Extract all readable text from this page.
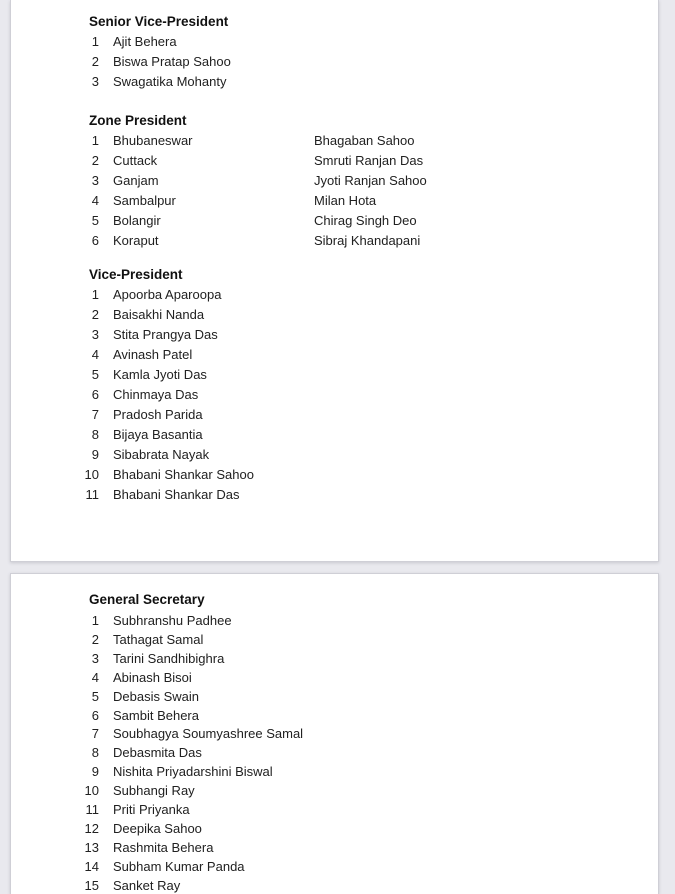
Senior Vice-President
1 Ajit Behera
2 Biswa Pratap Sahoo
3 Swagatika Mohanty
Zone President
1 Bhubaneswar	Bhagaban Sahoo
2 Cuttack	Smruti Ranjan Das
3 Ganjam	Jyoti Ranjan Sahoo
4 Sambalpur	Milan Hota
5 Bolangir	Chirag Singh Deo
6 Koraput	Sibraj Khandapani
Vice-President
1 Apoorba Aparoopa
2 Baisakhi Nanda
3 Stita Prangya Das
4 Avinash Patel
5 Kamla Jyoti Das
6 Chinmaya Das
7 Pradosh Parida
8 Bijaya Basantia
9 Sibabrata Nayak
10 Bhabani Shankar Sahoo
11 Bhabani Shankar Das
General Secretary
1 Subhranshu Padhee
2 Tathagat Samal
3 Tarini Sandhibighra
4 Abinash Bisoi
5 Debasis Swain
6 Sambit Behera
7 Soubhagya Soumyashree Samal
8 Debasmita Das
9 Nishita Priyadarshini Biswal
10 Subhangi Ray
11 Priti Priyanka
12 Deepika Sahoo
13 Rashmita Behera
14 Subham Kumar Panda
15 Sanket Ray
